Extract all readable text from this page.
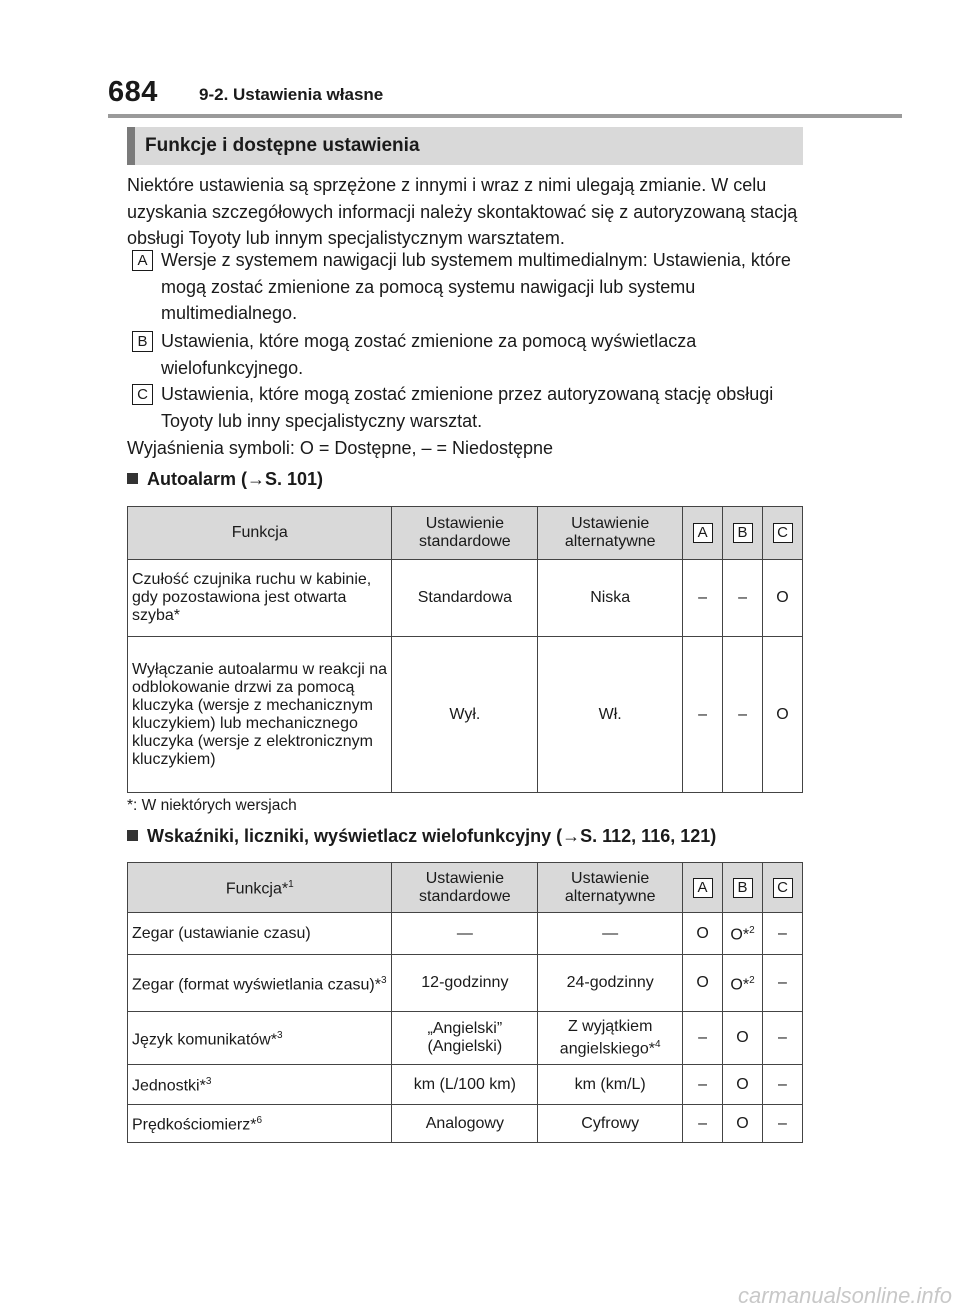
684 9-2. Ustawienia własne
Funkcje i dostępne ustawienia
Niektóre ustawienia są sprzężone z innymi i wraz z nimi ulegają zmianie. W celu uzyskania szczegółowych informacji należy skontaktować się z autoryzowaną stacją obsługi Toyoty lub innym specjalistycznym warsztatem.
A Wersje z systemem nawigacji lub systemem multimedialnym: Ustawienia, które mogą zostać zmienione za pomocą systemu nawigacji lub systemu multimedialnego.
B Ustawienia, które mogą zostać zmienione za pomocą wyświetlacza wielofunkcyjnego.
C Ustawienia, które mogą zostać zmienione przez autoryzowaną stację obsługi Toyoty lub inny specjalistyczny warsztat.
Wyjaśnienia symboli: O = Dostępne, – = Niedostępne
Autoalarm (→S. 101)
Funkcja	Ustawienie standardowe	Ustawienie alternatywne	A	B	C
Czułość czujnika ruchu w kabinie, gdy pozostawiona jest otwarta szyba*	Standardowa	Niska	–	–	O
Wyłączanie autoalarmu w reakcji na odblokowanie drzwi za pomocą kluczyka (wersje z mechanicznym kluczykiem) lub mechanicznego kluczyka (wersje z elektronicznym kluczykiem)	Wył.	Wł.	–	–	O
*: W niektórych wersjach
Wskaźniki, liczniki, wyświetlacz wielofunkcyjny (→S. 112, 116, 121)
Funkcja*$^1$	Ustawienie standardowe	Ustawienie alternatywne	A	B	C
Zegar (ustawianie czasu)	—	—	O	O*$^2$	–
Zegar (format wyświetlania czasu)*$^3$	12-godzinny	24-godzinny	O	O*$^2$	–
Język komunikatów*$^3$	„Angielski” (Angielski)	Z wyjątkiem angielskiego*$^4$	–	O	–
Jednostki*$^3$	km (L/100 km)	km (km/L)	–	O	–
Prędkościomierz*$^6$	Analogowy	Cyfrowy	–	O	–
carmanualsonline.info
